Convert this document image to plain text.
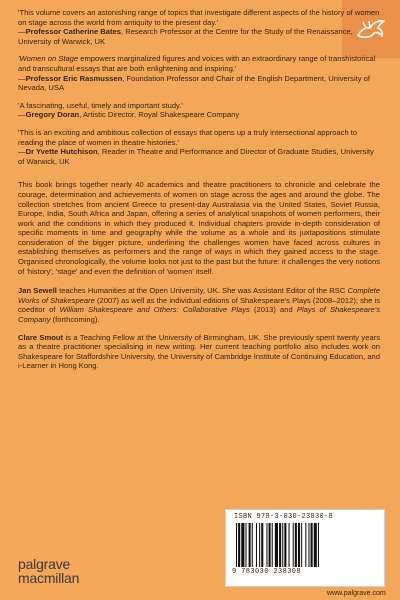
'This volume covers an astonishing range of topics that investigate different aspects of the history of women on stage across the world from antiquity to the present day.'

—Professor Catherine Bates, Research Professor at the Centre for the Study of the Renaissance, University of Warwick, UK

'Women on Stage empowers marginalized figures and voices with an extraordinary range of transhistorical and transcultural essays that are both enlightening and inspiring.'

—Professor Eric Rasmussen, Foundation Professor and Chair of the English Department, University of Nevada, USA

'A fascinating, useful, timely and important study.'

—Gregory Doran, Artistic Director, Royal Shakespeare Company

'This is an exciting and ambitious collection of essays that opens up a truly intersectional approach to reading the place of women in theatre histories.'

—Dr Yvette Hutchison, Reader in Theatre and Performance and Director of Graduate Studies, University of Warwick, UK

This book brings together nearly 40 academics and theatre practitioners to chronicle and celebrate the courage, determination and achievements of women on stage across the ages and around the globe. The collection stretches from ancient Greece to present-day Australasia via the United States, Soviet Russia, Europe, India, South Africa and Japan, offering a series of analytical snapshots of women performers, their work and the conditions in which they produced it. Individual chapters provide in-depth consideration of specific moments in time and geography while the volume as a whole and its juxtapositions stimulate consideration of the bigger picture, underlining the challenges women have faced across cultures in establishing themselves as performers and the range of ways in which they gained access to the stage. Organised chronologically, the volume looks not just to the past but the future: it challenges the very notions of 'history', 'stage' and even the definition of 'women' itself.

Jan Sewell teaches Humanities at the Open University, UK. She was Assistant Editor of the RSC Complete Works of Shakespeare (2007) as well as the individual editions of Shakespeare's Plays (2008–2012); she is coeditor of William Shakespeare and Others: Collaborative Plays (2013) and Plays of Shakespeare's Company (forthcoming).

Clare Smout is a Teaching Fellow at the University of Birmingham, UK. She previously spent twenty years as a theatre practitioner specialising in new writing. Her current teaching portfolio also includes work on Shakespeare for Staffordshire University, the University of Cambridge Institute of Continuing Education, and i-Learner in Hong Kong.

ISBN 978-3-030-23830-8
9 783030 238308
palgrave
macmillan
www.palgrave.com
